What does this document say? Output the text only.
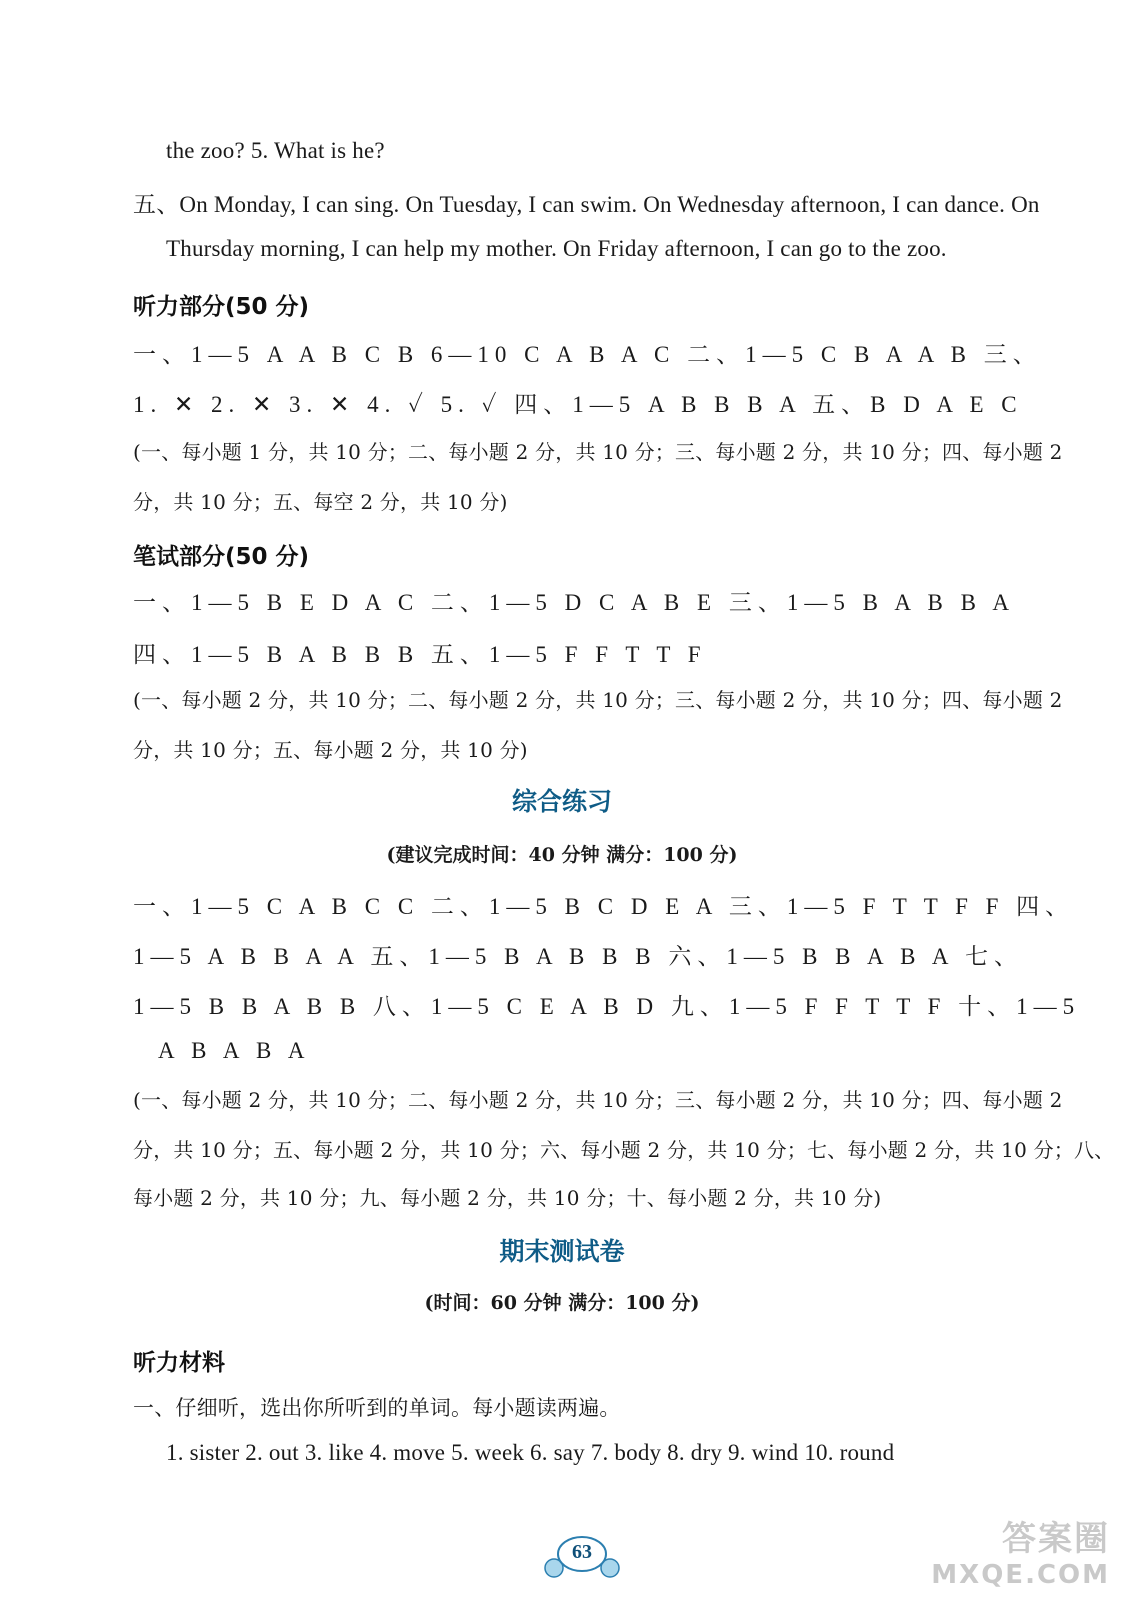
the zoo? 5. What is he?
五、On Monday, I can sing. On Tuesday, I can swim. On Wednesday afternoon, I can dance. On
Thursday morning, I can help my mother. On Friday afternoon, I can go to the zoo.
听力部分(50 分)
一、1—5 A A B C B 6—10 C A B A C 二、1—5 C B A A B 三、
1. ✕ 2. ✕ 3. ✕ 4. ✓ 5. ✓ 四、1—5 A B B B A 五、B D A E C
(一、每小题 1 分，共 10 分；二、每小题 2 分，共 10 分；三、每小题 2 分，共 10 分；四、每小题 2
分，共 10 分；五、每空 2 分，共 10 分)
笔试部分(50 分)
一、1—5 B E D A C 二、1—5 D C A B E 三、1—5 B A B B A
四、1—5 B A B B B 五、1—5 F F T T F
(一、每小题 2 分，共 10 分；二、每小题 2 分，共 10 分；三、每小题 2 分，共 10 分；四、每小题 2
分，共 10 分；五、每小题 2 分，共 10 分)
综合练习
(建议完成时间：40 分钟 满分：100 分)
一、1—5 C A B C C 二、1—5 B C D E A 三、1—5 F T T F F 四、
1—5 A B B A A 五、1—5 B A B B B 六、1—5 B B A B A 七、
1—5 B B A B B 八、1—5 C E A B D 九、1—5 F F T T F 十、1—5
A B A B A
(一、每小题 2 分，共 10 分；二、每小题 2 分，共 10 分；三、每小题 2 分，共 10 分；四、每小题 2
分，共 10 分；五、每小题 2 分，共 10 分；六、每小题 2 分，共 10 分；七、每小题 2 分，共 10 分；八、
每小题 2 分，共 10 分；九、每小题 2 分，共 10 分；十、每小题 2 分，共 10 分)
期末测试卷
(时间：60 分钟 满分：100 分)
听力材料
一、仔细听，选出你所听到的单词。每小题读两遍。
1. sister 2. out 3. like 4. move 5. week 6. say 7. body 8. dry 9. wind 10. round
63	答案圈
MXQE.COM
